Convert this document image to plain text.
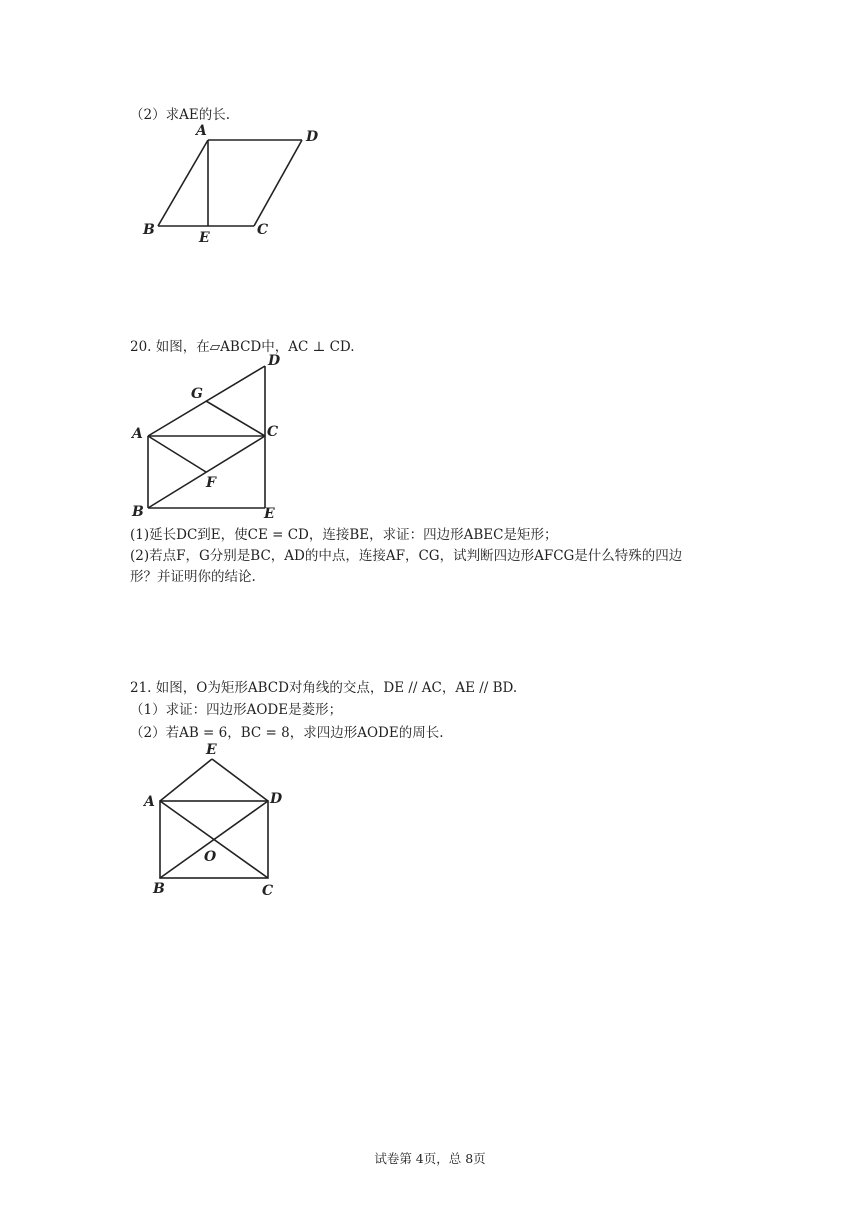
（2）求AE的长.
A	D
B	E	C
20. 如图，在▱ABCD中，AC ⊥ CD.
A
D
G
C
F
B	E
(1)延长DC到E，使CE = CD，连接BE，求证：四边形ABEC是矩形；
(2)若点F，G分别是BC，AD的中点，连接AF，CG，试判断四边形AFCG是什么特殊的四边
形？并证明你的结论.
21. 如图，O为矩形ABCD对角线的交点，DE // AC，AE // BD.
（1）求证：四边形AODE是菱形；
（2）若AB = 6，BC = 8，求四边形AODE的周长.
E
A	D
O
B	C
试卷第 4页，总 8页
